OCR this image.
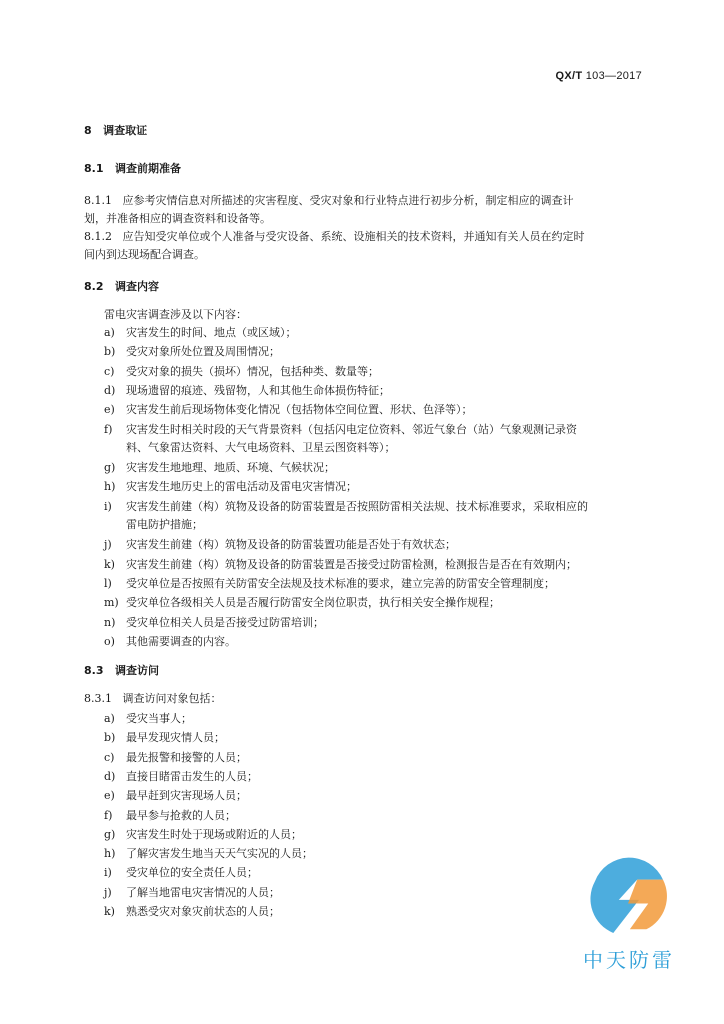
QX/T 103—2017
8 调查取证
8.1 调查前期准备
8.1.1 应参考灾情信息对所描述的灾害程度、受灾对象和行业特点进行初步分析，制定相应的调查计
划，并准备相应的调查资料和设备等。
8.1.2 应告知受灾单位或个人准备与受灾设备、系统、设施相关的技术资料，并通知有关人员在约定时
间内到达现场配合调查。
8.2 调查内容
雷电灾害调查涉及以下内容：
a) 灾害发生的时间、地点（或区域）；
b) 受灾对象所处位置及周围情况；
c) 受灾对象的损失（损坏）情况，包括种类、数量等；
d) 现场遗留的痕迹、残留物，人和其他生命体损伤特征；
e) 灾害发生前后现场物体变化情况（包括物体空间位置、形状、色泽等）；
f) 灾害发生时相关时段的天气背景资料（包括闪电定位资料、邻近气象台（站）气象观测记录资
料、气象雷达资料、大气电场资料、卫星云图资料等）；
g) 灾害发生地地理、地质、环境、气候状况；
h) 灾害发生地历史上的雷电活动及雷电灾害情况；
i) 灾害发生前建（构）筑物及设备的防雷装置是否按照防雷相关法规、技术标准要求，采取相应的
雷电防护措施；
j) 灾害发生前建（构）筑物及设备的防雷装置功能是否处于有效状态；
k) 灾害发生前建（构）筑物及设备的防雷装置是否接受过防雷检测，检测报告是否在有效期内；
l) 受灾单位是否按照有关防雷安全法规及技术标准的要求，建立完善的防雷安全管理制度；
m) 受灾单位各级相关人员是否履行防雷安全岗位职责，执行相关安全操作规程；
n) 受灾单位相关人员是否接受过防雷培训；
o) 其他需要调查的内容。
8.3 调查访问
8.3.1 调查访问对象包括：
a) 受灾当事人；
b) 最早发现灾情人员；
c) 最先报警和接警的人员；
d) 直接目睹雷击发生的人员；
e) 最早赶到灾害现场人员；
f) 最早参与抢救的人员；
g) 灾害发生时处于现场或附近的人员；
h) 了解灾害发生地当天天气实况的人员；
i) 受灾单位的安全责任人员；
j) 了解当地雷电灾害情况的人员；
k) 熟悉受灾对象灾前状态的人员；
中天防雷
